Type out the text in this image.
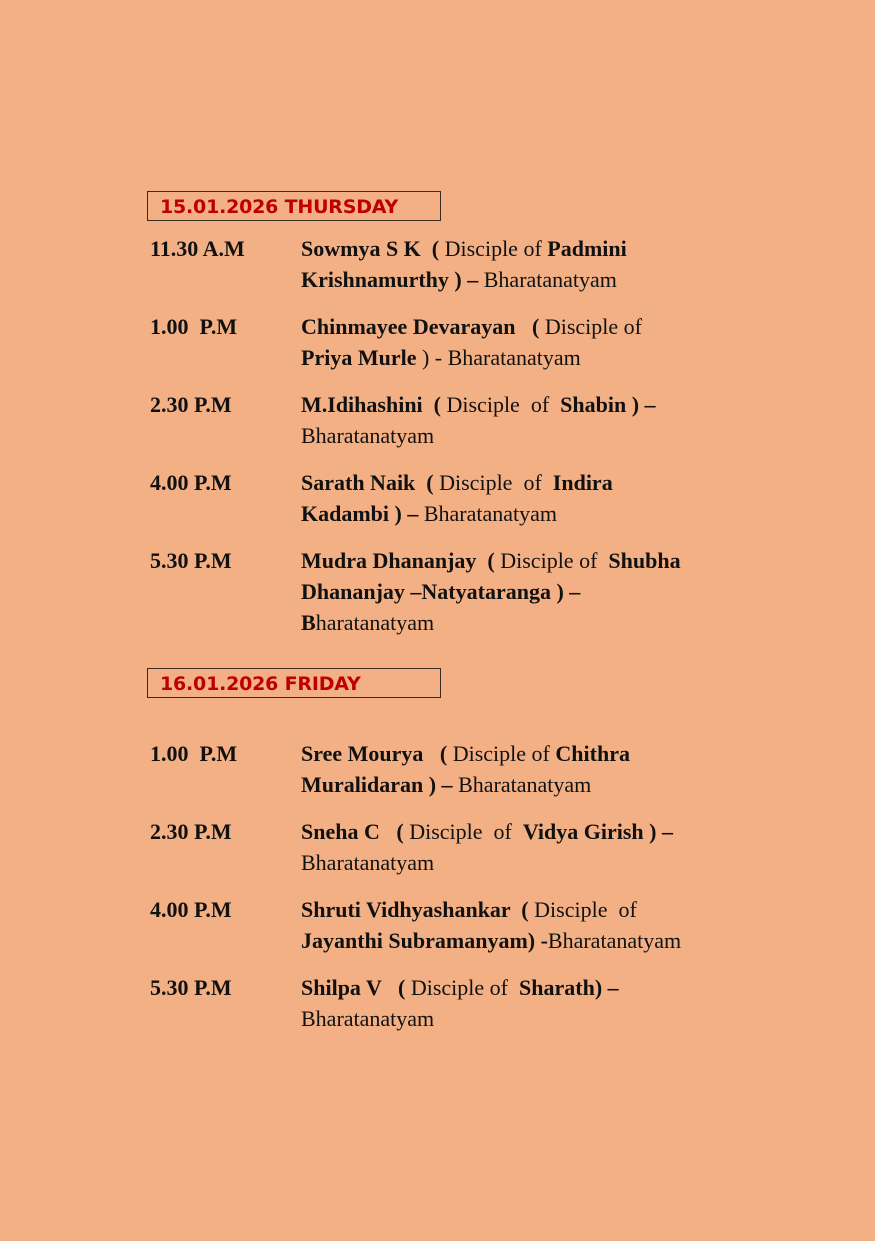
15.01.2026 THURSDAY
11.30 A.M	Sowmya S K  ( Disciple of Padmini
Krishnamurthy ) – Bharatanatyam
1.00  P.M	Chinmayee Devarayan   ( Disciple of
Priya Murle ) - Bharatanatyam
2.30 P.M	M.Idihashini  ( Disciple  of  Shabin ) –
Bharatanatyam
4.00 P.M	Sarath Naik  ( Disciple  of  Indira
Kadambi ) – Bharatanatyam
5.30 P.M	Mudra Dhananjay  ( Disciple of  Shubha
Dhananjay –Natyataranga ) –
Bharatanatyam
16.01.2026 FRIDAY
1.00  P.M	Sree Mourya   ( Disciple of Chithra
Muralidaran ) – Bharatanatyam
2.30 P.M	Sneha C   ( Disciple  of  Vidya Girish ) –
Bharatanatyam
4.00 P.M	Shruti Vidhyashankar  ( Disciple  of
Jayanthi Subramanyam) -Bharatanatyam
5.30 P.M	Shilpa V   ( Disciple of  Sharath) –
Bharatanatyam
